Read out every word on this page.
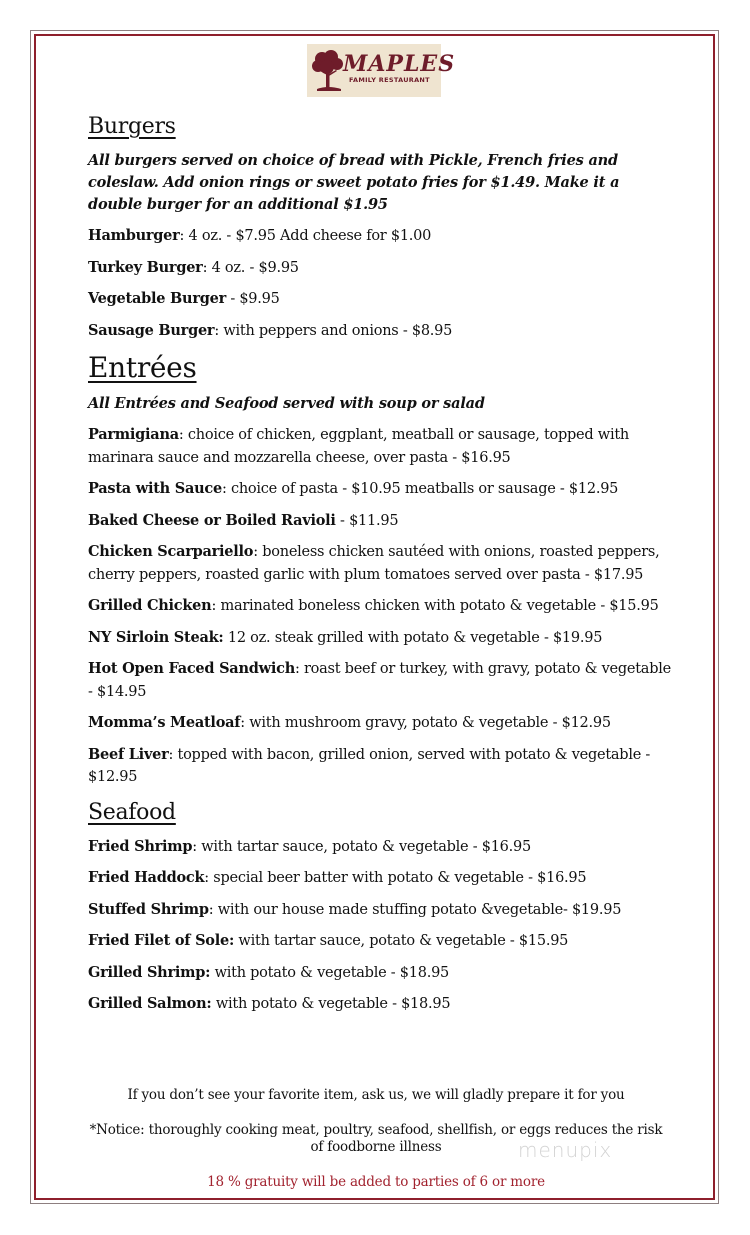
MAPLES
FAMILY RESTAURANT
Burgers

All burgers served on choice of bread with Pickle, French fries and coleslaw. Add onion rings or sweet potato fries for $1.49. Make it a double burger for an additional $1.95

Hamburger: 4 oz. - $7.95 Add cheese for $1.00

Turkey Burger: 4 oz. - $9.95

Vegetable Burger - $9.95

Sausage Burger: with peppers and onions - $8.95

Entrées

All Entrées and Seafood served with soup or salad

Parmigiana: choice of chicken, eggplant, meatball or sausage, topped with marinara sauce and mozzarella cheese, over pasta - $16.95

Pasta with Sauce: choice of pasta - $10.95 meatballs or sausage - $12.95

Baked Cheese or Boiled Ravioli - $11.95

Chicken Scarpariello: boneless chicken sautéed with onions, roasted peppers, cherry peppers, roasted garlic with plum tomatoes served over pasta - $17.95

Grilled Chicken: marinated boneless chicken with potato & vegetable - $15.95

NY Sirloin Steak: 12 oz. steak grilled with potato & vegetable - $19.95

Hot Open Faced Sandwich: roast beef or turkey, with gravy, potato & vegetable - $14.95

Momma’s Meatloaf: with mushroom gravy, potato & vegetable - $12.95

Beef Liver: topped with bacon, grilled onion, served with potato & vegetable - $12.95

Seafood

Fried Shrimp: with tartar sauce, potato & vegetable - $16.95

Fried Haddock: special beer batter with potato & vegetable - $16.95

Stuffed Shrimp: with our house made stuffing potato &vegetable- $19.95

Fried Filet of Sole: with tartar sauce, potato & vegetable - $15.95

Grilled Shrimp: with potato & vegetable - $18.95

Grilled Salmon: with potato & vegetable - $18.95

If you don’t see your favorite item, ask us, we will gladly prepare it for you
*Notice: thoroughly cooking meat, poultry, seafood, shellfish, or eggs reduces the risk of foodborne illness
18 % gratuity will be added to parties of 6 or more
menupix
